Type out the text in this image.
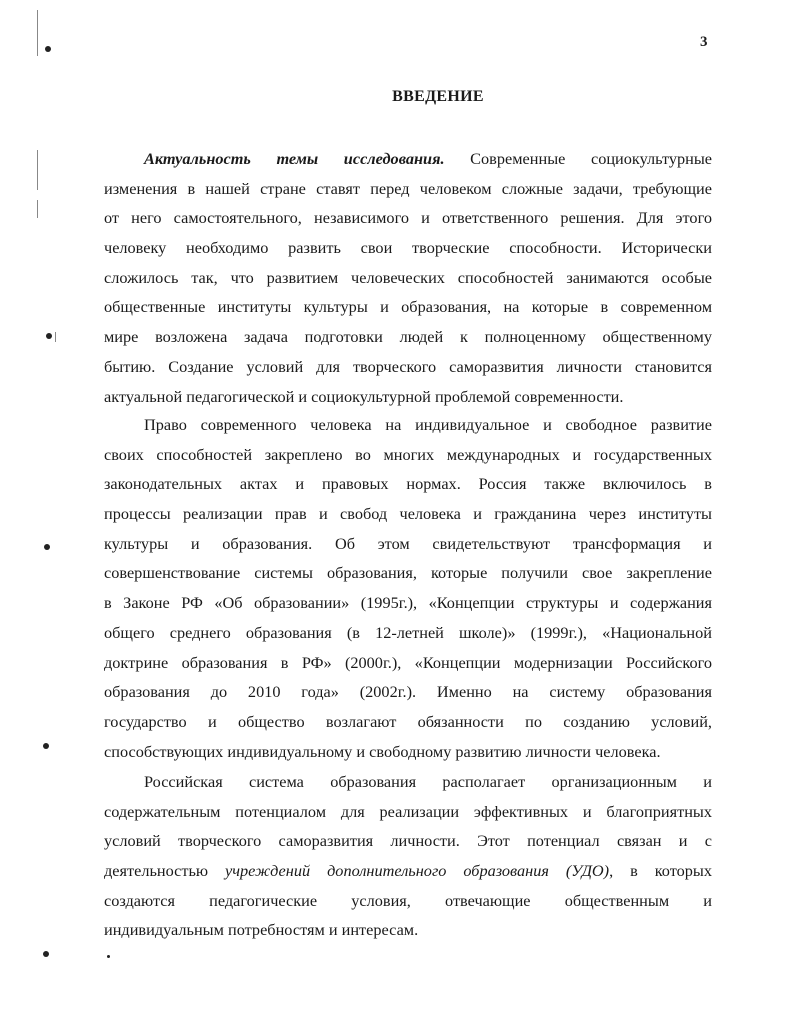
3
ВВЕДЕНИЕ
Актуальность темы исследования. Современные социокультурные
изменения в нашей стране ставят перед человеком сложные задачи, требующие
от него самостоятельного, независимого и ответственного решения. Для этого
человеку необходимо развить свои творческие способности. Исторически
сложилось так, что развитием человеческих способностей занимаются особые
общественные институты культуры и образования, на которые в современном
мире возложена задача подготовки людей к полноценному общественному
бытию. Создание условий для творческого саморазвития личности становится
актуальной педагогической и социокультурной проблемой современности.
Право современного человека на индивидуальное и свободное развитие
своих способностей закреплено во многих международных и государственных
законодательных актах и правовых нормах. Россия также включилось в
процессы реализации прав и свобод человека и гражданина через институты
культуры и образования. Об этом свидетельствуют трансформация и
совершенствование системы образования, которые получили свое закрепление
в Законе РФ «Об образовании» (1995г.), «Концепции структуры и содержания
общего среднего образования (в 12-летней школе)» (1999г.), «Национальной
доктрине образования в РФ» (2000г.), «Концепции модернизации Российского
образования до 2010 года» (2002г.). Именно на систему образования
государство и общество возлагают обязанности по созданию условий,
способствующих индивидуальному и свободному развитию личности человека.
Российская система образования располагает организационным и
содержательным потенциалом для реализации эффективных и благоприятных
условий творческого саморазвития личности. Этот потенциал связан и с
деятельностью учреждений дополнительного образования (УДО), в которых
создаются педагогические условия, отвечающие общественным и
индивидуальным потребностям и интересам.
